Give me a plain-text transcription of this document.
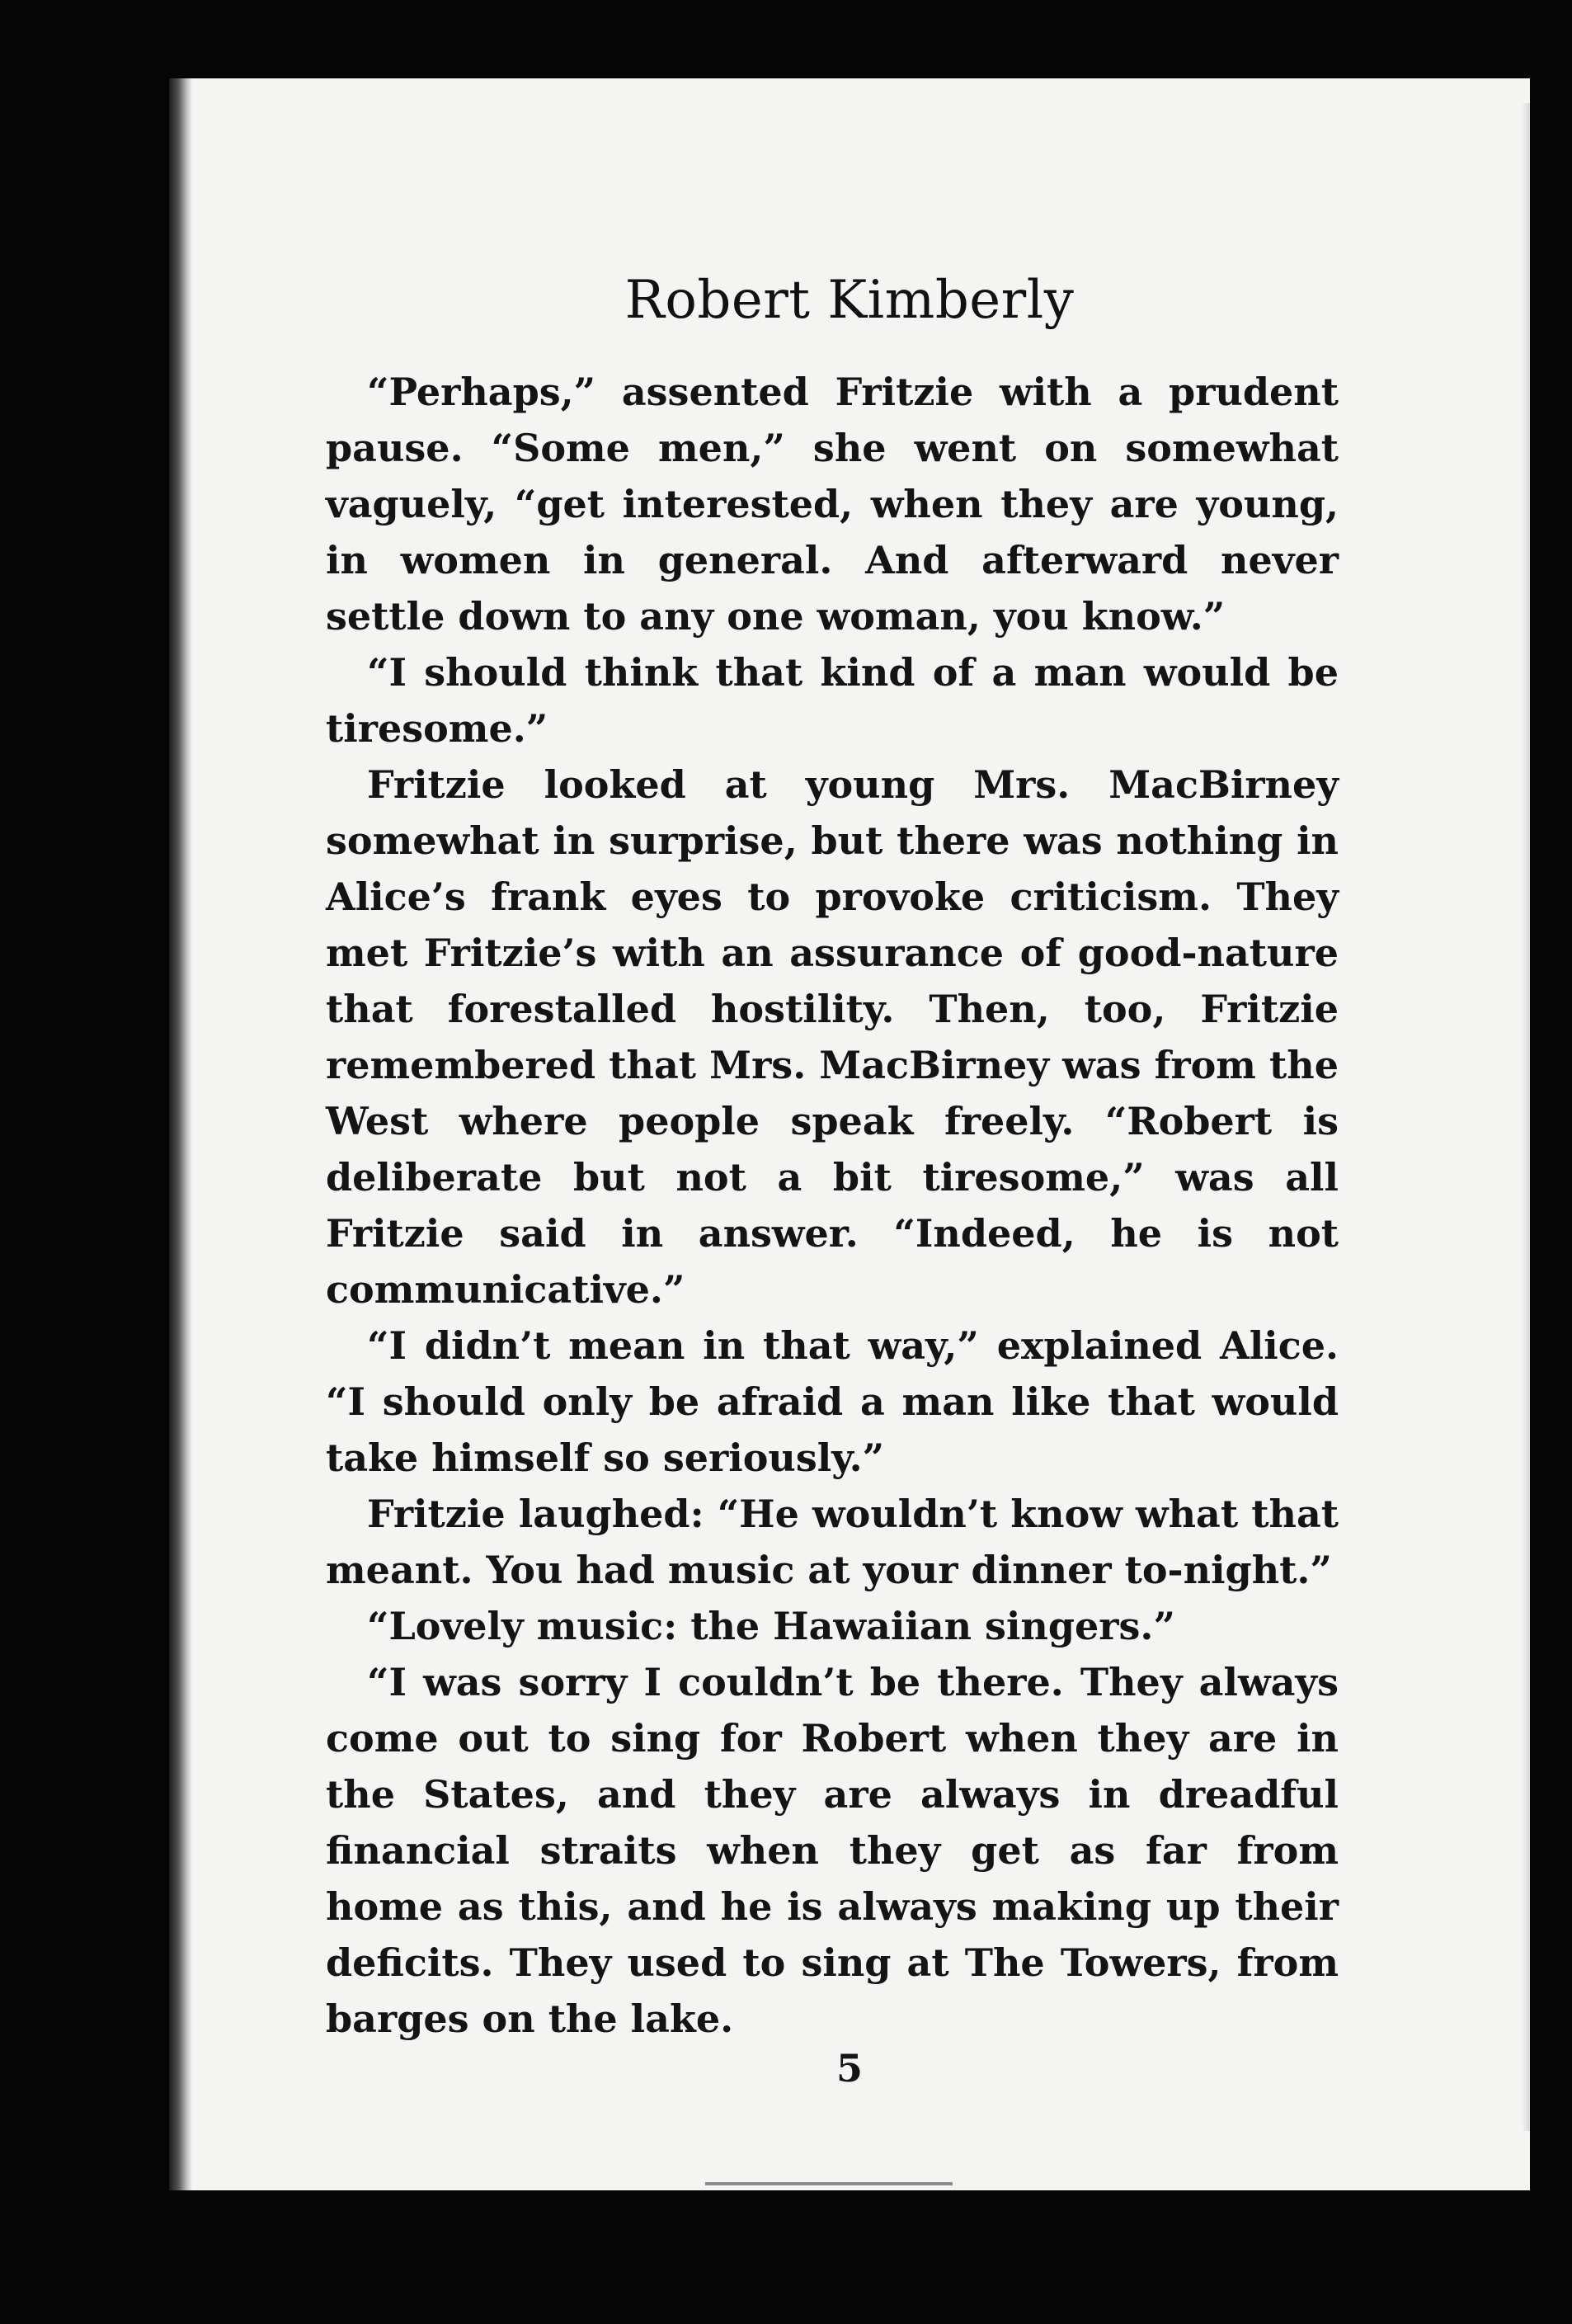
Robert Kimberly

“Perhaps,” assented Fritzie with a prudent pause. “Some men,” she went on somewhat vaguely, “get interested, when they are young, in women in general. And afterward never settle down to any one woman, you know.”

“I should think that kind of a man would be tiresome.”

Fritzie looked at young Mrs. MacBirney somewhat in surprise, but there was nothing in Alice’s frank eyes to provoke criticism. They met Fritzie’s with an assurance of good-nature that forestalled hostility. Then, too, Fritzie remembered that Mrs. MacBirney was from the West where people speak freely. “Robert is deliberate but not a bit tiresome,” was all Fritzie said in answer. “Indeed, he is not communicative.”

“I didn’t mean in that way,” explained Alice. “I should only be afraid a man like that would take himself so seriously.”

Fritzie laughed: “He wouldn’t know what that meant. You had music at your dinner to-night.”

“Lovely music: the Hawaiian singers.”

“I was sorry I couldn’t be there. They always come out to sing for Robert when they are in the States, and they are always in dreadful financial straits when they get as far from home as this, and he is always making up their deficits. They used to sing at The Towers, from barges on the lake.

5
